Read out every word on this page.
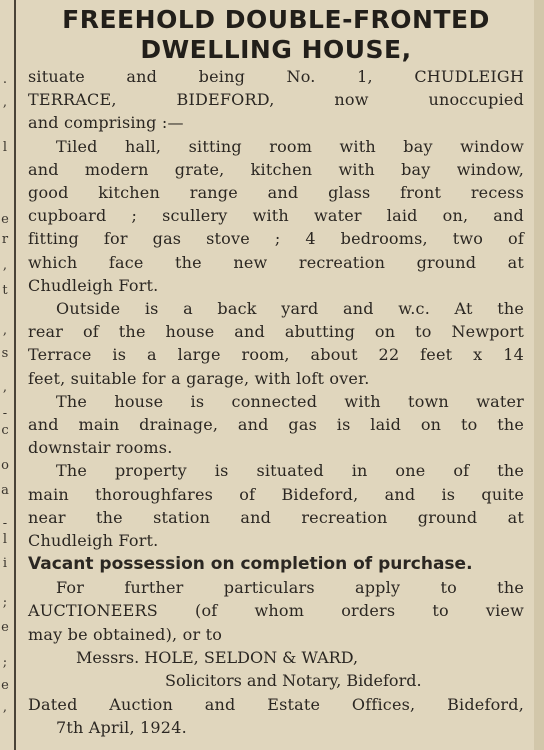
.
,
l
e
r
,
t
,
s
,
-
c
o
a
-
l
i
;
e
;
e
,
FREEHOLD DOUBLE-FRONTED
DWELLING HOUSE,
situate and being No. 1, CHUDLEIGH
TERRACE, BIDEFORD, now unoccupied
and comprising :—
Tiled hall, sitting room with bay window
and modern grate, kitchen with bay window,
good kitchen range and glass front recess
cupboard ; scullery with water laid on, and
fitting for gas stove ; 4 bedrooms, two of
which face the new recreation ground at
Chudleigh Fort.
Outside is a back yard and w.c. At the
rear of the house and abutting on to Newport
Terrace is a large room, about 22 feet x 14
feet, suitable for a garage, with loft over.
The house is connected with town water
and main drainage, and gas is laid on to the
downstair rooms.
The property is situated in one of the
main thoroughfares of Bideford, and is quite
near the station and recreation ground at
Chudleigh Fort.
Vacant possession on completion of purchase.
For further particulars apply to the
AUCTIONEERS (of whom orders to view
may be obtained), or to
Messrs. HOLE, SELDON & WARD,
Solicitors and Notary, Bideford.
Dated Auction and Estate Offices, Bideford,
7th April, 1924.
